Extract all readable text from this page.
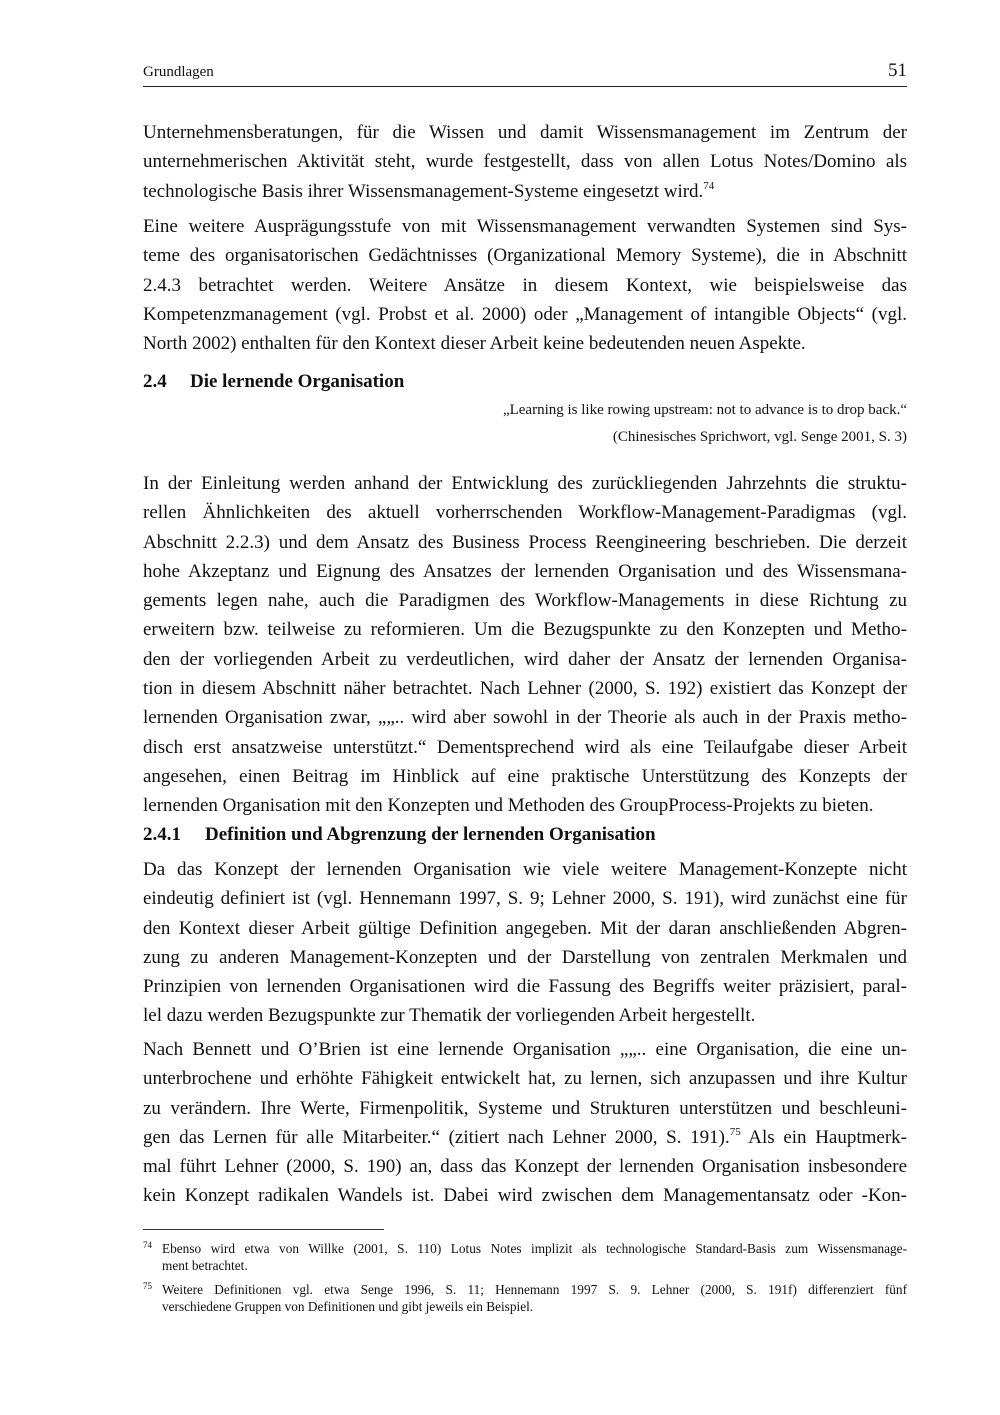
Grundlagen	51
Unternehmensberatungen, für die Wissen und damit Wissensmanagement im Zentrum der
unternehmerischen Aktivität steht, wurde festgestellt, dass von allen Lotus Notes/Domino als
technologische Basis ihrer Wissensmanagement-Systeme eingesetzt wird.$^{74}$
Eine weitere Ausprägungsstufe von mit Wissensmanagement verwandten Systemen sind Sys-
teme des organisatorischen Gedächtnisses (Organizational Memory Systeme), die in Abschnitt
2.4.3 betrachtet werden. Weitere Ansätze in diesem Kontext, wie beispielsweise das
Kompetenzmanagement (vgl. Probst et al. 2000) oder „Management of intangible Objects“ (vgl.
North 2002) enthalten für den Kontext dieser Arbeit keine bedeutenden neuen Aspekte.
2.4 Die lernende Organisation
„Learning is like rowing upstream: not to advance is to drop back.“
(Chinesisches Sprichwort, vgl. Senge 2001, S. 3)
In der Einleitung werden anhand der Entwicklung des zurückliegenden Jahrzehnts die struktu-
rellen Ähnlichkeiten des aktuell vorherrschenden Workflow-Management-Paradigmas (vgl.
Abschnitt 2.2.3) und dem Ansatz des Business Process Reengineering beschrieben. Die derzeit
hohe Akzeptanz und Eignung des Ansatzes der lernenden Organisation und des Wissensmana-
gements legen nahe, auch die Paradigmen des Workflow-Managements in diese Richtung zu
erweitern bzw. teilweise zu reformieren. Um die Bezugspunkte zu den Konzepten und Metho-
den der vorliegenden Arbeit zu verdeutlichen, wird daher der Ansatz der lernenden Organisa-
tion in diesem Abschnitt näher betrachtet. Nach Lehner (2000, S. 192) existiert das Konzept der
lernenden Organisation zwar, „„.. wird aber sowohl in der Theorie als auch in der Praxis metho-
disch erst ansatzweise unterstützt.“ Dementsprechend wird als eine Teilaufgabe dieser Arbeit
angesehen, einen Beitrag im Hinblick auf eine praktische Unterstützung des Konzepts der
lernenden Organisation mit den Konzepten und Methoden des GroupProcess-Projekts zu bieten.
2.4.1 Definition und Abgrenzung der lernenden Organisation
Da das Konzept der lernenden Organisation wie viele weitere Management-Konzepte nicht
eindeutig definiert ist (vgl. Hennemann 1997, S. 9; Lehner 2000, S. 191), wird zunächst eine für
den Kontext dieser Arbeit gültige Definition angegeben. Mit der daran anschließenden Abgren-
zung zu anderen Management-Konzepten und der Darstellung von zentralen Merkmalen und
Prinzipien von lernenden Organisationen wird die Fassung des Begriffs weiter präzisiert, paral-
lel dazu werden Bezugspunkte zur Thematik der vorliegenden Arbeit hergestellt.
Nach Bennett und O’Brien ist eine lernende Organisation „„.. eine Organisation, die eine un-
unterbrochene und erhöhte Fähigkeit entwickelt hat, zu lernen, sich anzupassen und ihre Kultur
zu verändern. Ihre Werte, Firmenpolitik, Systeme und Strukturen unterstützen und beschleuni-
gen das Lernen für alle Mitarbeiter.“ (zitiert nach Lehner 2000, S. 191).$^{75}$ Als ein Hauptmerk-
mal führt Lehner (2000, S. 190) an, dass das Konzept der lernenden Organisation insbesondere
kein Konzept radikalen Wandels ist. Dabei wird zwischen dem Managementansatz oder -Kon-
74 Ebenso wird etwa von Willke (2001, S. 110) Lotus Notes implizit als technologische Standard-Basis zum Wissensmanage-
ment betrachtet.
75 Weitere Definitionen vgl. etwa Senge 1996, S. 11; Hennemann 1997 S. 9. Lehner (2000, S. 191f) differenziert fünf
verschiedene Gruppen von Definitionen und gibt jeweils ein Beispiel.
